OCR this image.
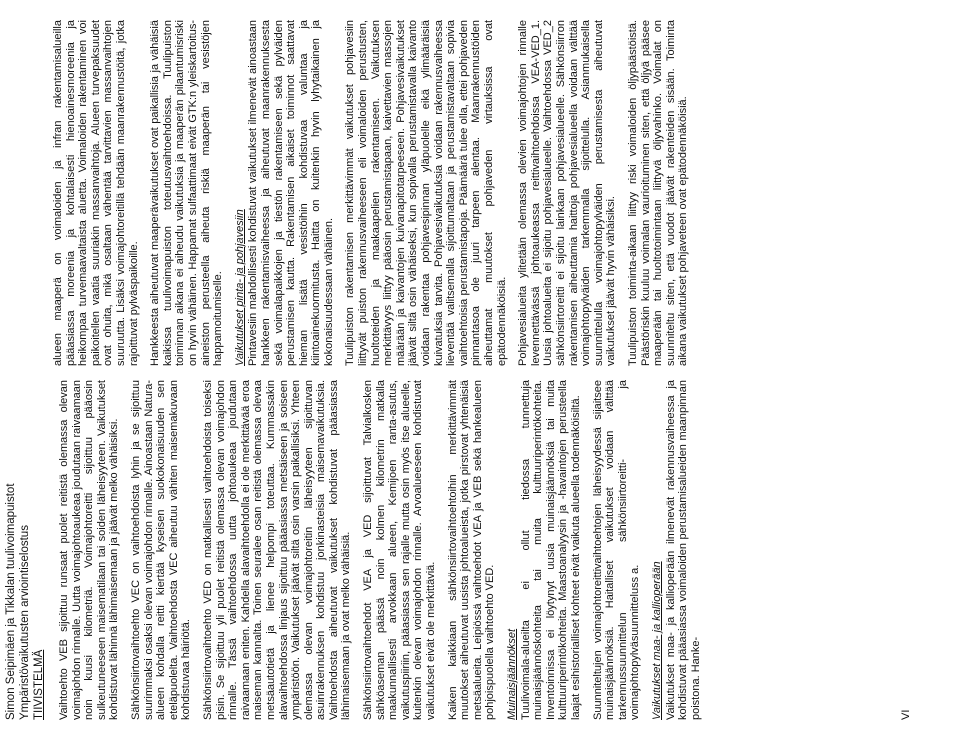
Simon Seipimäen ja Tikkalan tuulivoimapuistot Ympäristövaikutusten arviointiselostus TIIVISTELMÄ Vaihtoehto VEB sijoittuu runsaat puolet reitistä olemassa olevan voimajohdon rinnalle. Uutta voimajohtoaukeaa joudutaan raivaamaan noin kuusi kilometriä. Voimajohtoreitti sijoittuu pääosin sulkeutuneeseen maisematilaan tai soiden läheisyyteen. Vaikutukset kohdistuvat lähinnä lähimaisemaan ja jäävät melko vähäisiksi. Sähkönsiirtovaihtoehto VEC on vaihtoehdoista lyhin ja se sijoittuu suurimmaksi osaksi olevan voimajohdon rinnalle. Ainoastaan Natura-alueen kohdalla reitti kiertää kyseisen suokokonaisuuden sen eteläpuolelta. Vaihtoehdosta VEC aiheutuu vähiten maisemakuvaan kohdistuvaa häiriötä. Sähkönsiirtovaihtoehto VED on matkallisesti vaihtoehdoista toiseksi pisin. Se sijoittuu yli puolet reitistä olemassa olevan voimajohdon rinnalle. Tässä vaihtoehdossa uutta johtoaukeaa joudutaan raivaamaan eniten. Kahdella alavaihtoehdolla ei ole merkittävää eroa maiseman kannalta. Toinen seuralee osan reitistä olemassa olevaa metsäautotietä ja lienee helpompi toteuttaa. Kummassakin alavaihtoehdossa linjaus sijoittuu pääasiassa metsäiseen ja soiseen ympäristöön. Vaikutukset jäävät siltä osin varsin paikallisiksi. Yhteen olemassa olevan voimajohtoreitin läheisyyteen sijoittuvan asuinrakennuksen kohdistuu jonkinasteisia maisemavaikutuksia. Vaihtoehdosta aiheutuvat vaikutukset kohdistuvat pääasiassa lähimaisemaan ja ovat melko vähäisiä. Sähkönsiirtovaihtoehdot VEA ja VED sijoittuvat Talvialkosken sähköaseman päässä noin kolmen kilometrin matkalla maakunnallisesti arvokkaan alueen, Kemijoen ranta-asutus, vaikutuspiiriin, pääasiassa sen rajalle mutta osin myös itse alueelle, kuitenkin olevan voimajohdon rinnalle. Arvoalueeseen kohdistuvat vaikutukset eivät ole merkittäviä. Kaiken kaikkiaan sähkönsiirtovaihtoehtoihin merkittävimmät muutokset aiheutuvat uusista johtoalueista, jotka pirstovat yhtenäisiä metsäalueita. Leipiössä vaihtoehdot VEA ja VEB sekä hankealueen pohjoispuolella vaihtoehto VED. Muinaisjäännökset Tuulivoimala-alueilta ei ollut tiedossa tunnettuja muinaisjäännöskohteita tai muita kulttuuriperintökohteita. Inventoinnissa ei löytynyt uusia muinaisjäännöksiä tai muita kulttuuriperintökohteita. Maastoanalyysin ja -havaintojen perusteella laajat esihistorialliset kohteet eivät vaikuta alueella todennäköisiltä. Suunniteltujen voimajohtoreittivaihtoehtojen läheisyydessä sijaitsee muinaisjäännöksiä. Haitalliset vaikutukset voidaan välttää tarkennussuunnittelun sähkönsiirtoreitti- ja voimajohtopylväsuunnitteluss a. Vaikutukset maa- ja kallioperään Vaikutukset maa- ja kallioperään ilmenevät rakennusvaiheessa ja kohdistuvat pääasiassa voimaloiden perustamisalueiden maanpinnan poistona. Hanke-

alueen maaperä on voimaloiden ja infran rakentamisalueilla pääasiassa moreenia ja kohtalaisesti hienoainesmoreenia ja heikompaa turvemaavaltaista aluetta. Voimaloiden rakentaminen voi paikoitellen vaatia suuriakin massanvaihtoja. Alueen turvepaksuudet ovat ohuita, mikä osaltaan vähentää tarvittavien massanvaihtojen suuruutta. Lisäksi voimajohtoreitillä tehdään maanrakennustöitä, jotka rajoittuvat pylväspaikoille. Hankkeesta aiheutuvat maaperävaikutukset ovat paikallisia ja vähäisiä kaikissa tuulivoimapuiston toteutusvaihtoehdoissa. Tuulipuiston toiminnan aikana ei aiheudu vaikutuksia ja maaperän pilaantumisriski on hyvin vähäinen. Happamat sulfaattimaat eivät GTK:n yleiskartoitus-aineiston perusteella aiheuta riskiä maaperän tai vesistöjen happamoitumiselle. Vaikutukset pinta- ja pohjavesiin Pintavesiin mahdollisesti kohdistuvat vaikutukset ilmenevät ainoastaan hankkeen rakentamisvaiheessa ja aiheutuvat maanrakennuksesta sekä voimalapaikkojen ja tiestön rakentamiseen sekä pylväiden perustamisen kautta. Rakentamisen aikaiset toiminnot saattavat hieman lisätä vesistöihin kohdistuvaa valuntaa ja kiintoainekuormitusta. Haitta on kuitenkin hyvin lyhytaikainen ja kokonaisuudessaan vähäinen. Tuulipuiston rakentamisen merkittävimmät vaikutukset pohjavesiin liittyvät puiston rakennusvaiheeseen eli voimaloiden perustusten, huoltoteiden ja maakaapelien rakentamiseen. Vaikutuksen merkittävyys liittyy pääosin perustamistapaan, kaivettavien massojen määrään ja kaivantojen kuivanapitotarpeeseen. Pohjavesivaikutukset jäävät siltä osin vähäiseksi, kun sopivalla perustamistavalla kaivanto voidaan rakentaa pohjavesipinnan yläpuolelle eikä ylimääräisiä kuivatuksia tarvita. Pohjavesivaikutuksia voidaan rakennusvaiheessa lieventää valitsemalla sijoittumaltaan ja perustamistavaltaan sopivia vaihtoehtoisia perustamistapoja. Päämäärä tulee olla, ettei pohjaveden pinnantasoa ole juuri tarpeen alentaa. Maanrakennustöiden aiheuttamat muutokset pohjaveden virtauksissa ovat epätodennäköisiä. Pohjavesialueita ylitetään olemassa olevien voimajohtojen rinnalle levennettävässä johtoaukeassa reittivaihtoehdoissa VEA-VED_1. Uusia johtoalueita ei sijoitu pohjavesialueelle. Vaihtoehdossa VED_2 sähkönsiirtoreitti ei sijoitu lainkaan pohjavesialueelle. Sähkönsiirron rakentamisen aiheuttamia haittoja pohjavesialueella voidaan välttää voimajohtopylväiden tarkemmalla sijoittelulla. Asianmukaisella suunnittelulla voimajohtopylväiden perustamisesta aiheutuvat vaikutukset jäävät hyvin vähäisiksi. Tuulipuiston toiminta-aikaan liittyy riski voimaloiden öljypäästöistä. Päästöriskin kuuluu voimalan vaurioituminen siten, että öljyä pääsee maaperään tai huoltotoimintaan liittyvä öljyvahinko. Voimalat on suunniteltu siten, että vuodot jäävät rakenteiden sisään. Toiminta aikana vaikutukset pohjaveteen ovat epätodennäköisiä.

VI
